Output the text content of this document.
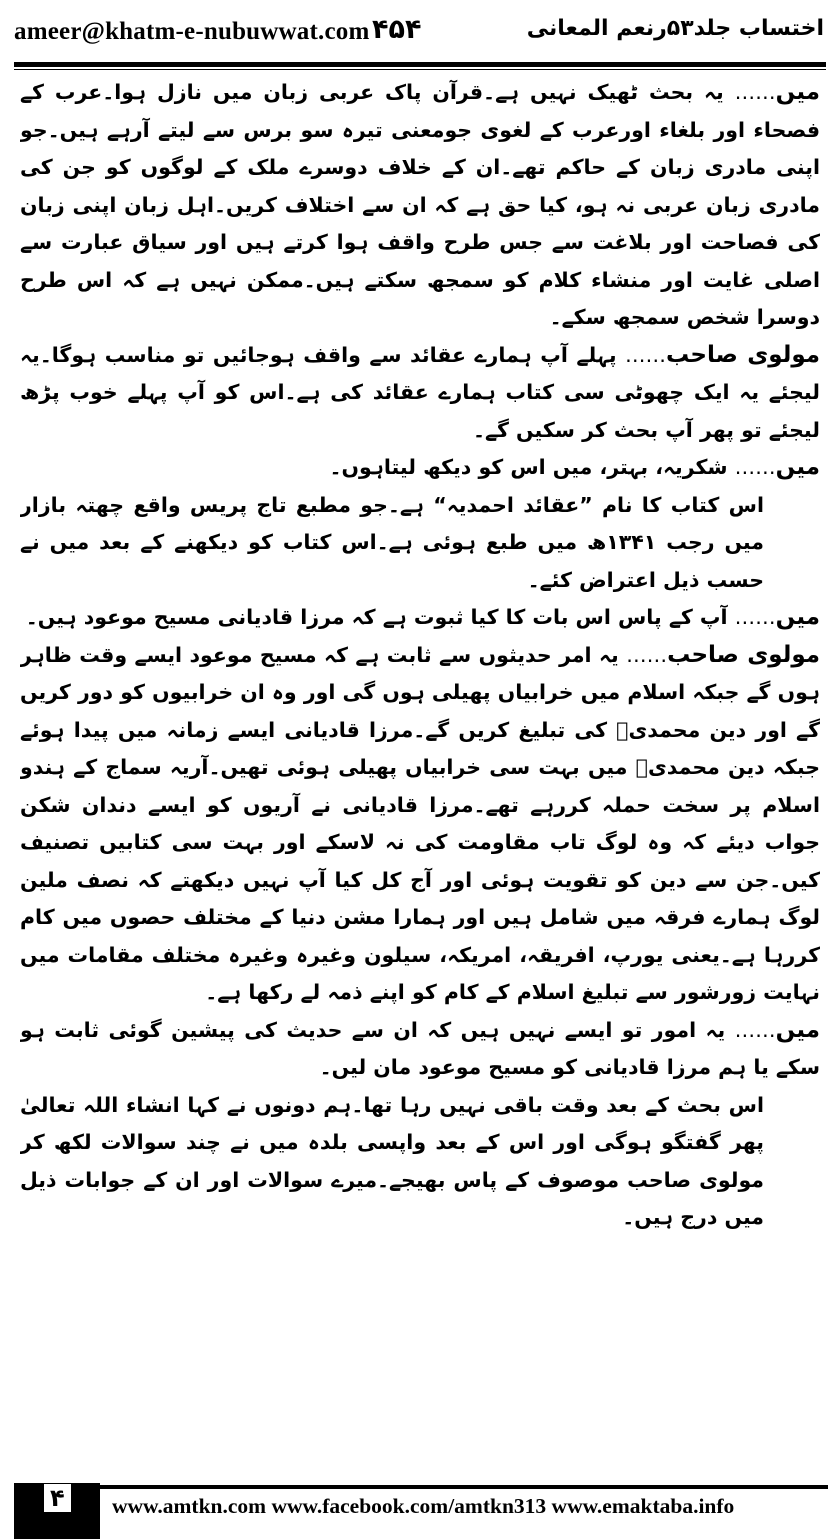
ameer@khatm-e-nubuwwat.com ۴۵۴	اختساب جلد۵۳رنعم المعانی

میں…… یہ بحث ٹھیک نہیں ہے۔قرآن پاک عربی زبان میں نازل ہوا۔عرب کے فصحاء اور بلغاء اورعرب کے لغوی جومعنی تیرہ سو برس سے لیتے آرہے ہیں۔جو اپنی مادری زبان کے حاکم تھے۔ان کے خلاف دوسرے ملک کے لوگوں کو جن کی مادری زبان عربی نہ ہو، کیا حق ہے کہ ان سے اختلاف کریں۔اہل زبان اپنی زبان کی فصاحت اور بلاغت سے جس طرح واقف ہوا کرتے ہیں اور سیاق عبارت سے اصلی غایت اور منشاء کلام کو سمجھ سکتے ہیں۔ممکن نہیں ہے کہ اس طرح دوسرا شخص سمجھ سکے۔

مولوی صاحب…… پہلے آپ ہمارے عقائد سے واقف ہوجائیں تو مناسب ہوگا۔یہ لیجئے یہ ایک چھوٹی سی کتاب ہمارے عقائد کی ہے۔اس کو آپ پہلے خوب پڑھ لیجئے تو پھر آپ بحث کر سکیں گے۔

میں…… شکریہ، بہتر، میں اس کو دیکھ لیتاہوں۔

اس کتاب کا نام ”عقائد احمدیہ“ ہے۔جو مطبع تاج پریس واقع چھتہ بازار میں رجب ۱۳۴۱ھ میں طبع ہوئی ہے۔اس کتاب کو دیکھنے کے بعد میں نے حسب ذیل اعتراض کئے۔

میں…… آپ کے پاس اس بات کا کیا ثبوت ہے کہ مرزا قادیانی مسیح موعود ہیں۔

مولوی صاحب…… یہ امر حدیثوں سے ثابت ہے کہ مسیح موعود ایسے وقت ظاہر ہوں گے جبکہ اسلام میں خرابیاں پھیلی ہوں گی اور وہ ان خرابیوں کو دور کریں گے اور دین محمدیؐ کی تبلیغ کریں گے۔مرزا قادیانی ایسے زمانہ میں پیدا ہوئے جبکہ دین محمدیؐ میں بہت سی خرابیاں پھیلی ہوئی تھیں۔آریہ سماج کے ہندو اسلام پر سخت حملہ کررہے تھے۔مرزا قادیانی نے آریوں کو ایسے دندان شکن جواب دیئے کہ وہ لوگ تاب مقاومت کی نہ لاسکے اور بہت سی کتابیں تصنیف کیں۔جن سے دین کو تقویت ہوئی اور آج کل کیا آپ نہیں دیکھتے کہ نصف ملین لوگ ہمارے فرقہ میں شامل ہیں اور ہمارا مشن دنیا کے مختلف حصوں میں کام کررہا ہے۔یعنی یورپ، افریقہ، امریکہ، سیلون وغیرہ وغیرہ مختلف مقامات میں نہایت زورشور سے تبلیغ اسلام کے کام کو اپنے ذمہ لے رکھا ہے۔

میں…… یہ امور تو ایسے نہیں ہیں کہ ان سے حدیث کی پیشین گوئی ثابت ہو سکے یا ہم مرزا قادیانی کو مسیح موعود مان لیں۔

اس بحث کے بعد وقت باقی نہیں رہا تھا۔ہم دونوں نے کہا انشاء اللہ تعالیٰ پھر گفتگو ہوگی اور اس کے بعد واپسی بلدہ میں نے چند سوالات لکھ کر مولوی صاحب موصوف کے پاس بھیجے۔میرے سوالات اور ان کے جوابات ذیل میں درج ہیں۔

www.amtkn.com www.facebook.com/amtkn313 www.emaktaba.info
۴
